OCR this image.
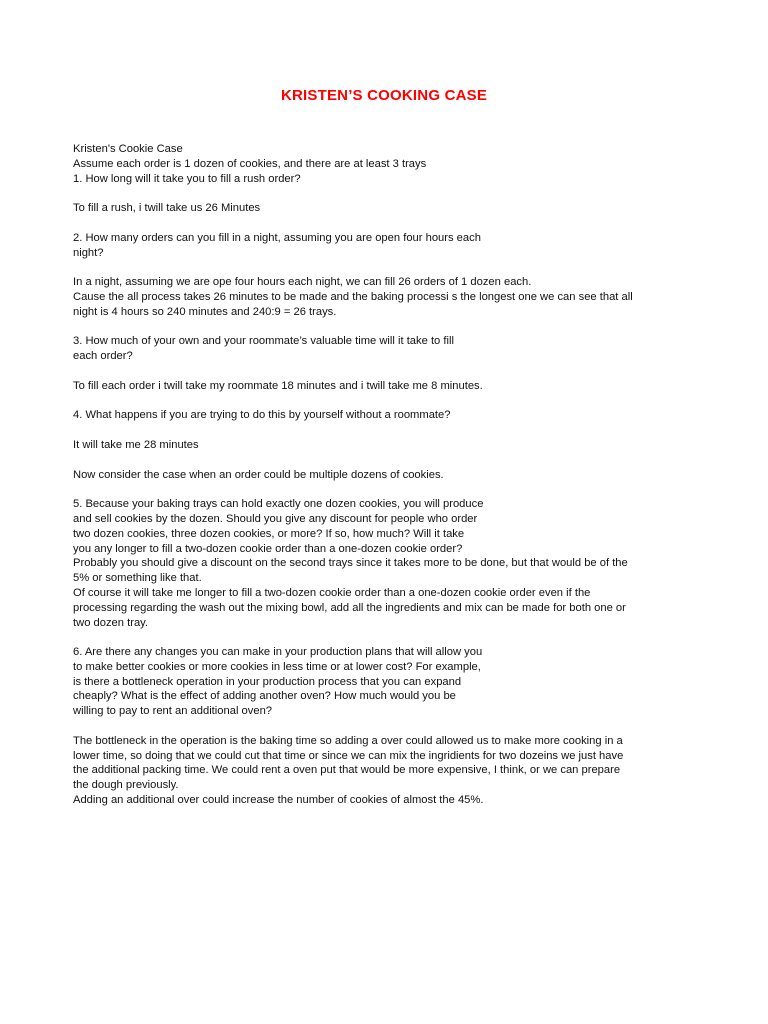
KRISTEN’S COOKING CASE
Kristen's Cookie Case
Assume each order is 1 dozen of cookies, and there are at least 3 trays
1. How long will it take you to fill a rush order?
To fill a rush, i twill take us 26 Minutes
2. How many orders can you fill in a night, assuming you are open four hours each
night?
In a night, assuming we are ope four hours each night, we can fill 26 orders of 1 dozen each.
Cause the all process takes 26 minutes to be made and the baking processi s the longest one we can see that all
night is 4 hours so 240 minutes and 240:9 = 26 trays.
3. How much of your own and your roommate’s valuable time will it take to fill
each order?
To fill each order i twill take my roommate 18 minutes and i twill take me 8 minutes.
4. What happens if you are trying to do this by yourself without a roommate?
It will take me 28 minutes
Now consider the case when an order could be multiple dozens of cookies.
5. Because your baking trays can hold exactly one dozen cookies, you will produce
and sell cookies by the dozen. Should you give any discount for people who order
two dozen cookies, three dozen cookies, or more? If so, how much? Will it take
you any longer to fill a two-dozen cookie order than a one-dozen cookie order?
Probably you should give a discount on the second trays since it takes more to be done, but that would be of the
5% or something like that.
Of course it will take me longer to fill a two-dozen cookie order than a one-dozen cookie order even if the
processing regarding the wash out the mixing bowl, add all the ingredients and mix can be made for both one or
two dozen tray.
6. Are there any changes you can make in your production plans that will allow you
to make better cookies or more cookies in less time or at lower cost? For example,
is there a bottleneck operation in your production process that you can expand
cheaply? What is the effect of adding another oven? How much would you be
willing to pay to rent an additional oven?
The bottleneck in the operation is the baking time so adding a over could allowed us to make more cooking in a
lower time, so doing that we could cut that time or since we can mix the ingridients for two dozeins we just have
the additional packing time. We could rent a oven put that would be more expensive, I think, or we can prepare
the dough previously.
Adding an additional over could increase the number of cookies of almost the 45%.
